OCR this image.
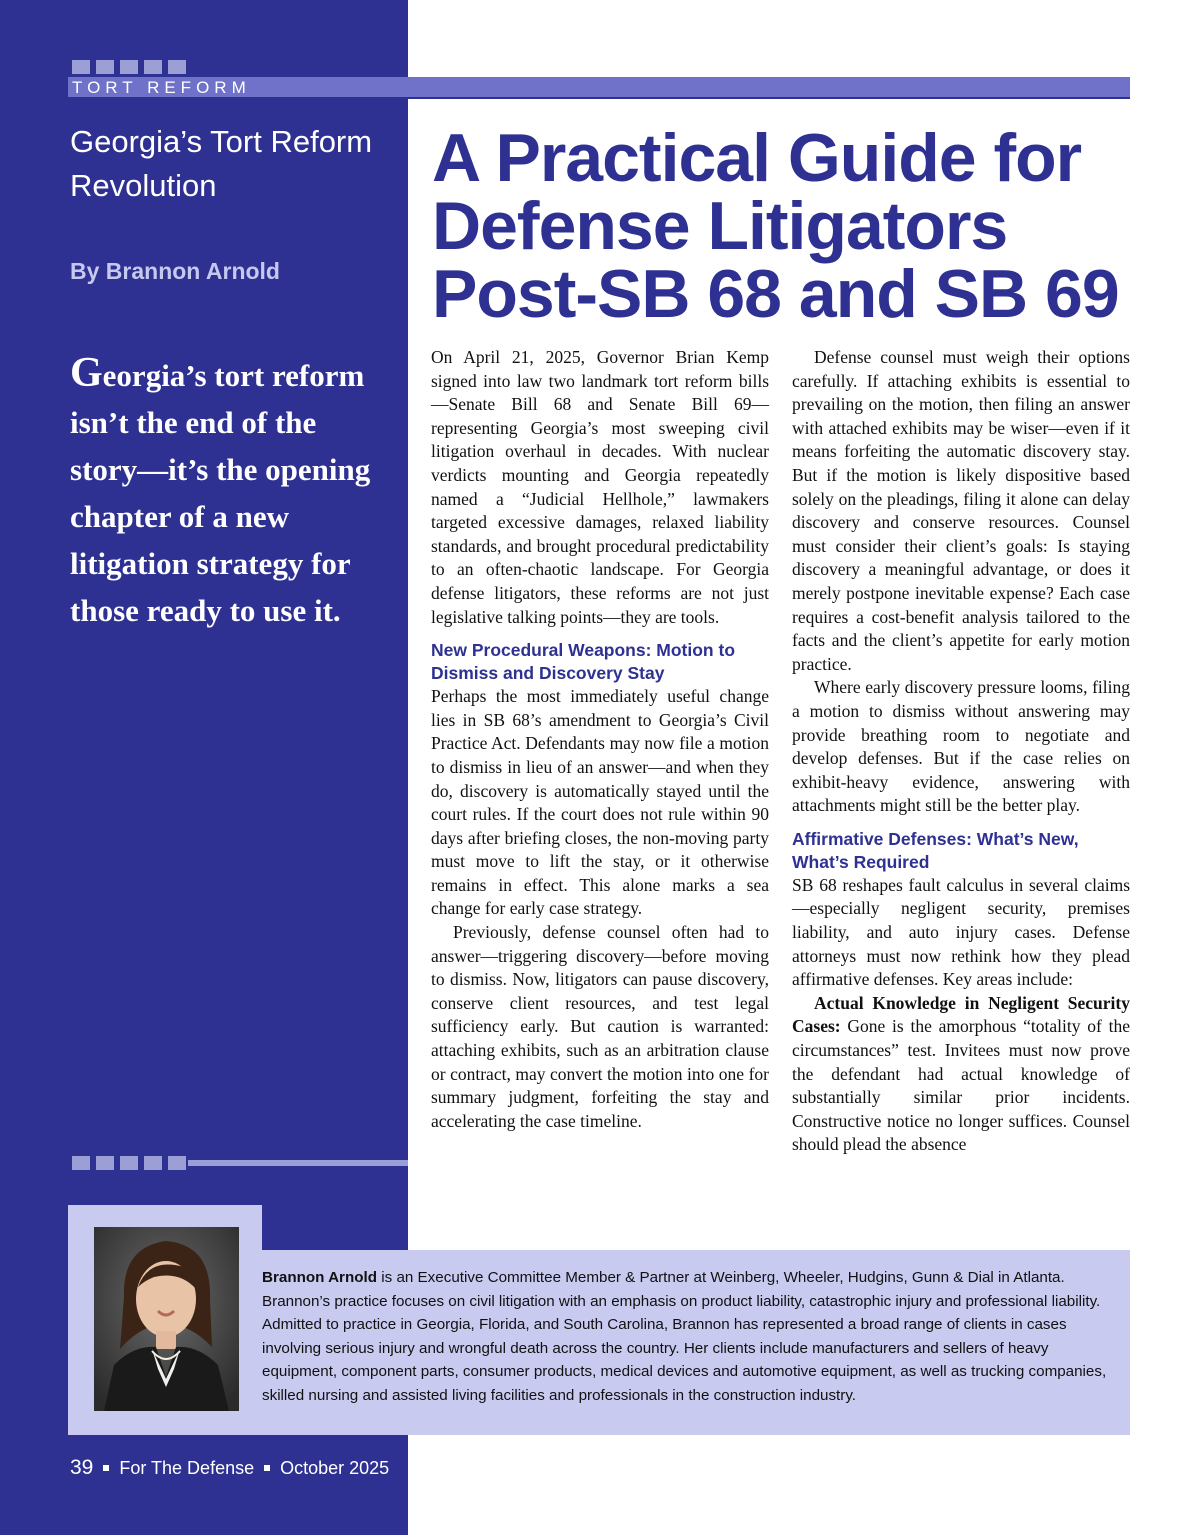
TORT REFORM
Georgia’s Tort Reform Revolution
By Brannon Arnold
Georgia’s tort reform isn’t the end of the story—it’s the opening chapter of a new litigation strategy for those ready to use it.
A Practical Guide for Defense Litigators Post-SB 68 and SB 69

On April 21, 2025, Governor Brian Kemp signed into law two landmark tort reform bills—Senate Bill 68 and Senate Bill 69—representing Georgia’s most sweeping civil litigation overhaul in decades. With nuclear verdicts mounting and Georgia repeatedly named a “Judicial Hellhole,” lawmakers targeted excessive damages, relaxed liability standards, and brought procedural predictability to an often-chaotic landscape. For Georgia defense litigators, these reforms are not just legislative talking points—they are tools.

New Procedural Weapons: Motion to Dismiss and Discovery Stay

Perhaps the most immediately useful change lies in SB 68’s amendment to Georgia’s Civil Practice Act. Defendants may now file a motion to dismiss in lieu of an answer—and when they do, discovery is automatically stayed until the court rules. If the court does not rule within 90 days after briefing closes, the non-moving party must move to lift the stay, or it otherwise remains in effect. This alone marks a sea change for early case strategy.

Previously, defense counsel often had to answer—triggering discovery—before moving to dismiss. Now, litigators can pause discovery, conserve client resources, and test legal sufficiency early. But caution is warranted: attaching exhibits, such as an arbitration clause or contract, may convert the motion into one for summary judgment, forfeiting the stay and accelerating the case timeline.

Defense counsel must weigh their options carefully. If attaching exhibits is essential to prevailing on the motion, then filing an answer with attached exhibits may be wiser—even if it means forfeiting the automatic discovery stay. But if the motion is likely dispositive based solely on the pleadings, filing it alone can delay discovery and conserve resources. Counsel must consider their client’s goals: Is staying discovery a meaningful advantage, or does it merely postpone inevitable expense? Each case requires a cost-benefit analysis tailored to the facts and the client’s appetite for early motion practice.

Where early discovery pressure looms, filing a motion to dismiss without answering may provide breathing room to negotiate and develop defenses. But if the case relies on exhibit-heavy evidence, answering with attachments might still be the better play.

Affirmative Defenses: What’s New, What’s Required

SB 68 reshapes fault calculus in several claims—especially negligent security, premises liability, and auto injury cases. Defense attorneys must now rethink how they plead affirmative defenses. Key areas include:

Actual Knowledge in Negligent Security Cases: Gone is the amorphous “totality of the circumstances” test. Invitees must now prove the defendant had actual knowledge of substantially similar prior incidents. Constructive notice no longer suffices. Counsel should plead the absence

Brannon Arnold is an Executive Committee Member & Partner at Weinberg, Wheeler, Hudgins, Gunn & Dial in Atlanta. Brannon’s practice focuses on civil litigation with an emphasis on product liability, catastrophic injury and professional liability. Admitted to practice in Georgia, Florida, and South Carolina, Brannon has represented a broad range of clients in cases involving serious injury and wrongful death across the country. Her clients include manufacturers and sellers of heavy equipment, component parts, consumer products, medical devices and automotive equipment, as well as trucking companies, skilled nursing and assisted living facilities and professionals in the construction industry.
39 For The Defense October 2025
